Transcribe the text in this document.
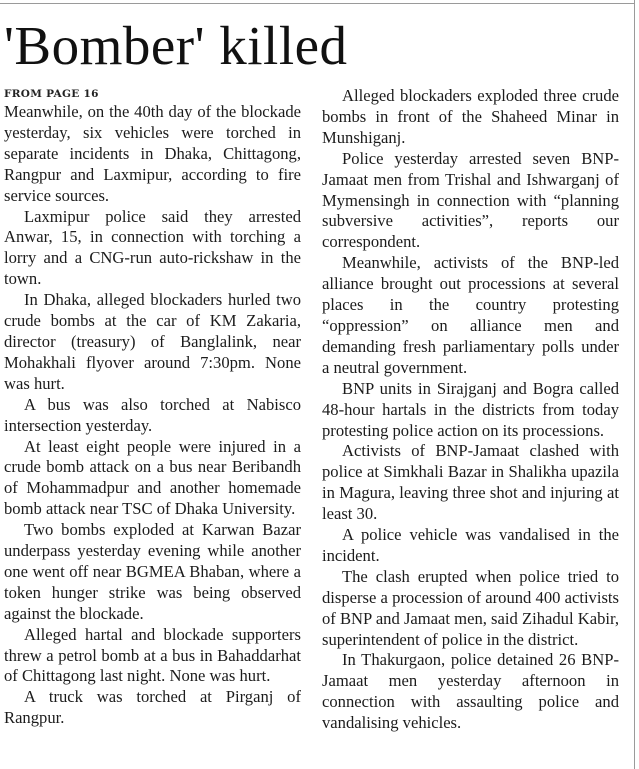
'Bomber' killed

FROM PAGE 16

Meanwhile, on the 40th day of the blockade yesterday, six vehicles were torched in separate incidents in Dhaka, Chittagong, Rangpur and Laxmipur, according to fire service sources.

Laxmipur police said they arrested Anwar, 15, in connection with torching a lorry and a CNG-run auto-rickshaw in the town.

In Dhaka, alleged blockaders hurled two crude bombs at the car of KM Zakaria, director (treasury) of Banglalink, near Mohakhali flyover around 7:30pm. None was hurt.

A bus was also torched at Nabisco intersection yesterday.

At least eight people were injured in a crude bomb attack on a bus near Beribandh of Mohammadpur and another homemade bomb attack near TSC of Dhaka University.

Two bombs exploded at Karwan Bazar underpass yesterday evening while another one went off near BGMEA Bhaban, where a token hunger strike was being observed against the blockade.

Alleged hartal and blockade supporters threw a petrol bomb at a bus in Bahaddarhat of Chittagong last night. None was hurt.

A truck was torched at Pirganj of Rangpur.

Alleged blockaders exploded three crude bombs in front of the Shaheed Minar in Munshiganj.

Police yesterday arrested seven BNP-Jamaat men from Trishal and Ishwarganj of Mymensingh in connection with “planning subversive activities”, reports our correspondent.

Meanwhile, activists of the BNP-led alliance brought out processions at several places in the country protesting “oppression” on alliance men and demanding fresh parliamentary polls under a neutral government.

BNP units in Sirajganj and Bogra called 48-hour hartals in the districts from today protesting police action on its processions.

Activists of BNP-Jamaat clashed with police at Simkhali Bazar in Shalikha upazila in Magura, leaving three shot and injuring at least 30.

A police vehicle was vandalised in the incident.

The clash erupted when police tried to disperse a procession of around 400 activists of BNP and Jamaat men, said Zihadul Kabir, superintendent of police in the district.

In Thakurgaon, police detained 26 BNP-Jamaat men yesterday afternoon in connection with assaulting police and vandalising vehicles.
